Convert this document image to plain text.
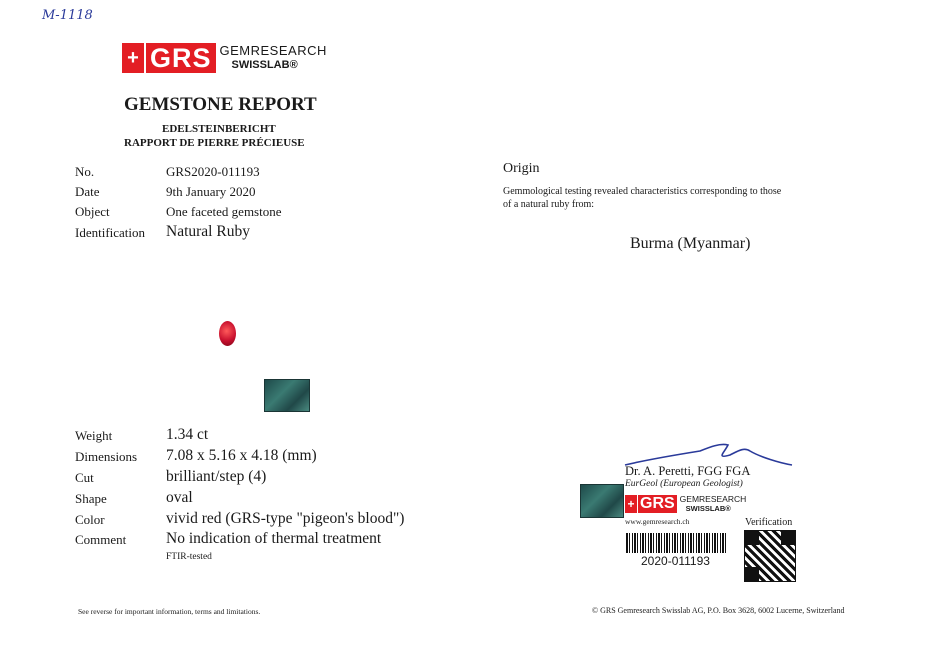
M-1118
+ GRS GEMRESEARCH
SWISSLAB®
GEMSTONE REPORT
EDELSTEINBERICHT
RAPPORT DE PIERRE PRÉCIEUSE
No.	GRS2020-011193
Date	9th January 2020
Object	One faceted gemstone
Identification Natural Ruby
Origin
Gemmological testing revealed characteristics corresponding to those
of a natural ruby from:
Burma (Myanmar)
Weight	1.34 ct
Dimensions 7.08 x 5.16 x 4.18 (mm)
Cut	brilliant/step (4)
Shape	oval
Color	vivid red (GRS-type "pigeon's blood")
Comment	No indication of thermal treatment
FTIR-tested
Dr. A. Peretti, FGG FGA
EurGeol (European Geologist)
+ GRS GEMRESEARCH
SWISSLAB®
www.gemresearch.ch	Verification
2020-011193
See reverse for important information, terms and limitations.	© GRS Gemresearch Swisslab AG, P.O. Box 3628, 6002 Lucerne, Switzerland
